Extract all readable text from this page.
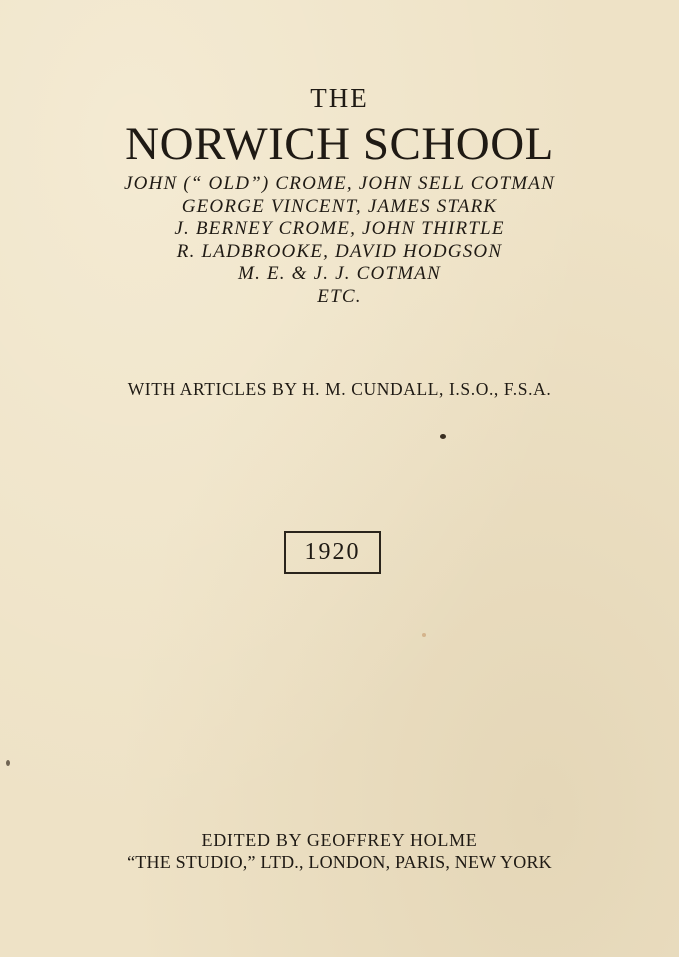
THE
NORWICH SCHOOL
JOHN (“ OLD”) CROME, JOHN SELL COTMAN
GEORGE VINCENT, JAMES STARK
J. BERNEY CROME, JOHN THIRTLE
R. LADBROOKE, DAVID HODGSON
M. E. & J. J. COTMAN
ETC.
WITH ARTICLES BY H. M. CUNDALL, I.S.O., F.S.A.
1920
EDITED BY GEOFFREY HOLME
“THE STUDIO,” LTD., LONDON, PARIS, NEW YORK
